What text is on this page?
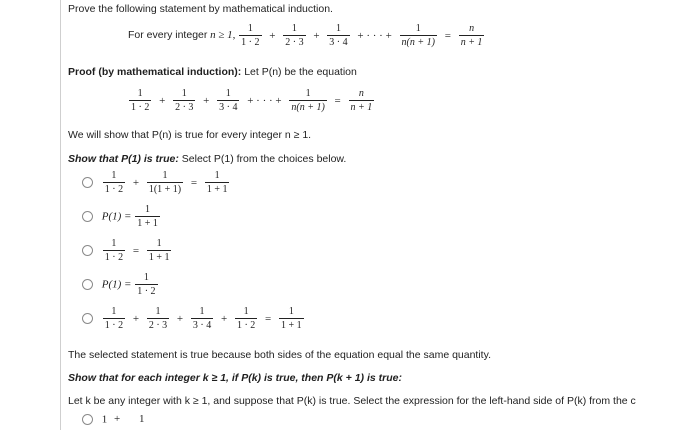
Prove the following statement by mathematical induction.
For every integer n ≥ 1, $\frac{1}{1 \cdot 2} + \frac{1}{2 \cdot 3} + \frac{1}{3 \cdot 4}$ + · · · + $\frac{1}{n(n + 1)} = \frac{n}{n + 1}$
Proof (by mathematical induction): Let P(n) be the equation
$\frac{1}{1 \cdot 2} + \frac{1}{2 \cdot 3} + \frac{1}{3 \cdot 4}$ + · · · + $\frac{1}{n(n + 1)} = \frac{n}{n + 1}$
We will show that P(n) is true for every integer n ≥ 1.
Show that P(1) is true: Select P(1) from the choices below.

$\frac{1}{1 \cdot 2} + \frac{1}{1(1 + 1)} = \frac{1}{1 + 1}$
$P(1) = \frac{1}{1 + 1}$

$\frac{1}{1 \cdot 2} = \frac{1}{1 + 1}$
$P(1) = \frac{1}{1 \cdot 2}$

$\frac{1}{1 \cdot 2} + \frac{1}{2 \cdot 3} + \frac{1}{3 \cdot 4} + \frac{1}{1 \cdot 2} = \frac{1}{1 + 1}$
The selected statement is true because both sides of the equation equal the same quantity.
Show that for each integer k ≥ 1, if P(k) is true, then P(k + 1) is true:
Let k be any integer with k ≥ 1, and suppose that P(k) is true. Select the expression for the left-hand side of P(k) from the c
1 + 1
